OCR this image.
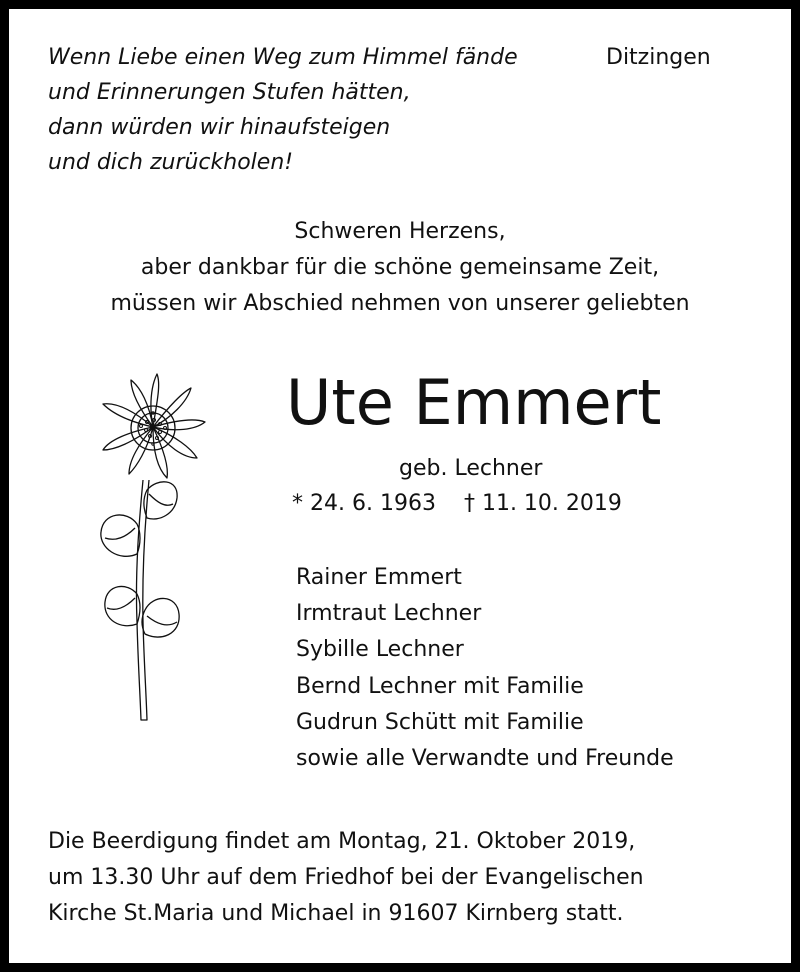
Wenn Liebe einen Weg zum Himmel fände
und Erinnerungen Stufen hätten,
dann würden wir hinaufsteigen
und dich zurückholen!
Ditzingen
Schweren Herzens,
aber dankbar für die schöne gemeinsame Zeit,
müssen wir Abschied nehmen von unserer geliebten
Ute Emmert
geb. Lechner
* 24. 6. 1963 † 11. 10. 2019
Rainer Emmert
Irmtraut Lechner
Sybille Lechner
Bernd Lechner mit Familie
Gudrun Schütt mit Familie
sowie alle Verwandte und Freunde
Die Beerdigung findet am Montag, 21. Oktober 2019,
um 13.30 Uhr auf dem Friedhof bei der Evangelischen
Kirche St.Maria und Michael in 91607 Kirnberg statt.
